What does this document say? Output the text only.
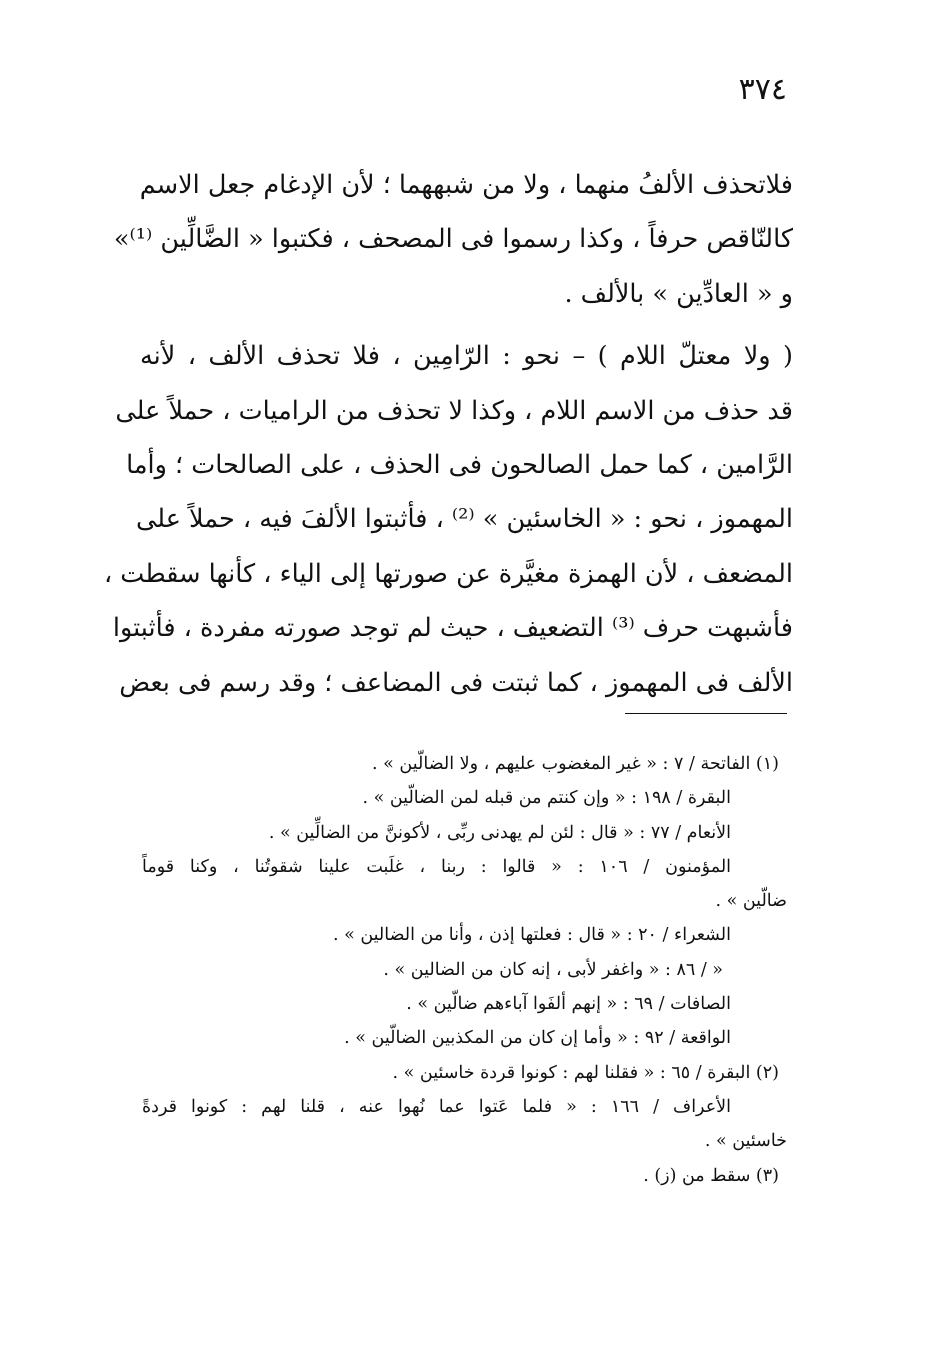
٣٧٤
فلاتحذف الألفُ منهما ، ولا من شبههما ؛ لأن الإدغام جعل الاسم
كالنّاقص حرفاً ، وكذا رسموا فى المصحف ، فكتبوا « الضَّالِّين ⁽¹⁾»
و « العادِّين » بالألف .
( ولا معتلّ اللام ) – نحو : الرّامِين ، فلا تحذف الألف ، لأنه
قد حذف من الاسم اللام ، وكذا لا تحذف من الراميات ، حملاً على
الرَّامين ، كما حمل الصالحون فى الحذف ، على الصالحات ؛ وأما
المهموز ، نحو : « الخاسئين » ⁽²⁾ ، فأثبتوا الألفَ فيه ، حملاً على
المضعف ، لأن الهمزة مغيَّرة عن صورتها إلى الياء ، كأنها سقطت ،
فأشبهت حرف ⁽³⁾ التضعيف ، حيث لم توجد صورته مفردة ، فأثبتوا
الألف فى المهموز ، كما ثبتت فى المضاعف ؛ وقد رسم فى بعض
(١) الفاتحة / ٧ : « غير المغضوب عليهم ، ولا الضالّين » .
البقرة / ١٩٨ : « وإن كنتم من قبله لمن الضالّين » .
الأنعام / ٧٧ : « قال : لئن لم يهدنى ربِّى ، لأكوننَّ من الضالِّين » .
المؤمنون / ١٠٦ : « قالوا : ربنا ، غلَبت علينا شقوتُنا ، وكنا قوماً
ضالّين » .
الشعراء / ٢٠ : « قال : فعلتها إذن ، وأنا من الضالين » .
« / ٨٦ : « واغفر لأبى ، إنه كان من الضالين » .
الصافات / ٦٩ : « إنهم ألفَوا آباءهم ضالّين » .
الواقعة / ٩٢ : « وأما إن كان من المكذبين الضالّين » .
(٢) البقرة / ٦٥ : « فقلنا لهم : كونوا قردة خاسئين » .
الأعراف / ١٦٦ : « فلما عَتوا عما نُهوا عنه ، قلنا لهم : كونوا قردةً
خاسئين » .
(٣) سقط من (ز) .
